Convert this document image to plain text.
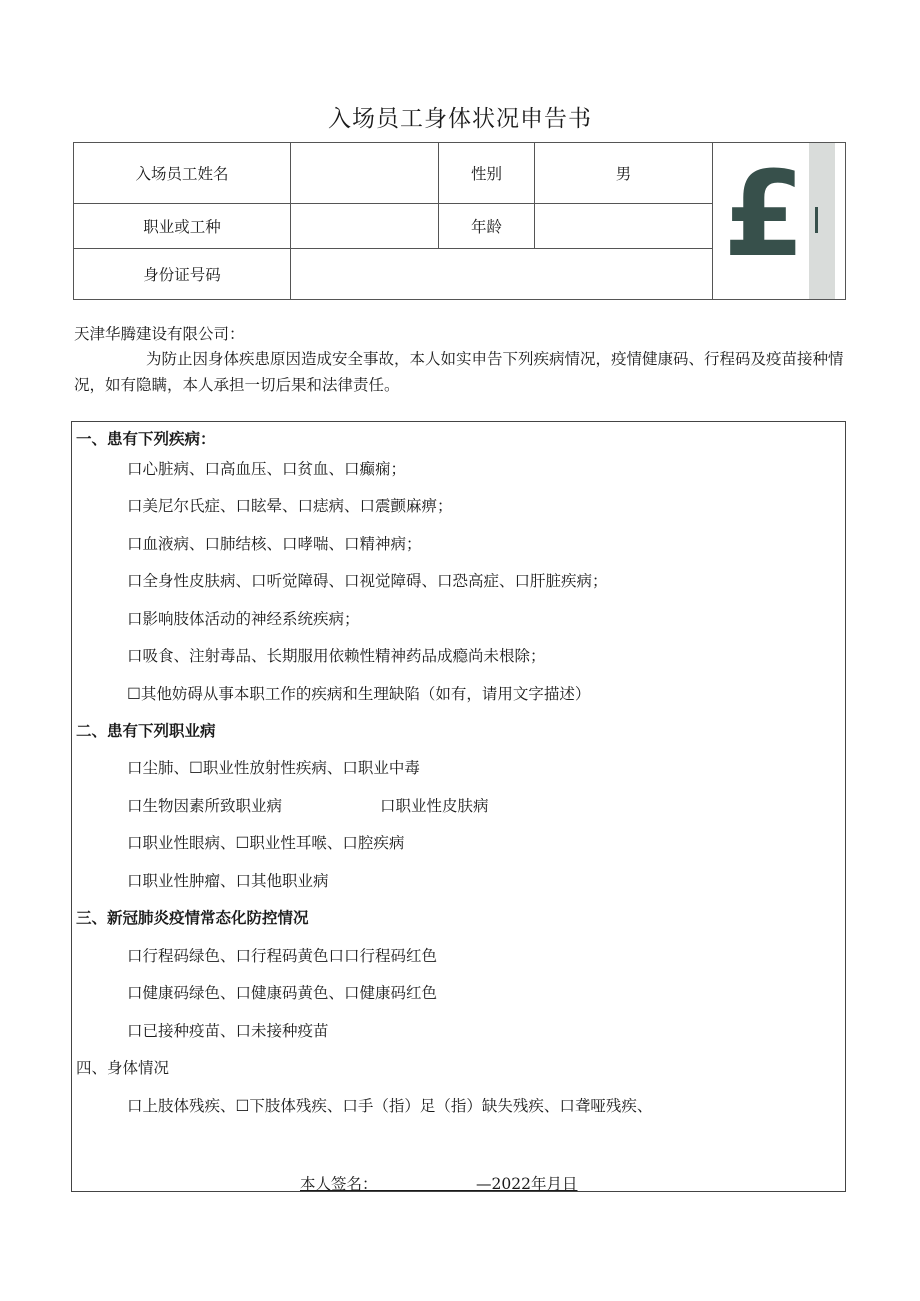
入场员工身体状况申告书
入场员工姓名		性别	男	£

职业或工种		年龄		
身份证号码				
天津华腾建设有限公司：
为防止因身体疾患原因造成安全事故，本人如实申告下列疾病情况，疫情健康码、行程码及疫苗接种情况，如有隐瞒，本人承担一切后果和法律责任。
一、患有下列疾病：
口心脏病、口高血压、口贫血、口癫痫；
口美尼尔氏症、口眩晕、口痣病、口震颤麻痹；
口血液病、口肺结核、口哮喘、口精神病；
口全身性皮肤病、口听觉障碍、口视觉障碍、口恐高症、口肝脏疾病；
口影响肢体活动的神经系统疾病；
口吸食、注射毒品、长期服用依赖性精神药品成瘾尚未根除；
☐其他妨碍从事本职工作的疾病和生理缺陷（如有，请用文字描述）
二、患有下列职业病
口尘肺、☐职业性放射性疾病、口职业中毒
口生物因素所致职业病	口职业性皮肤病
口职业性眼病、☐职业性耳喉、口腔疾病
口职业性肿瘤、口其他职业病
三、新冠肺炎疫情常态化防控情况
口行程码绿色、口行程码黄色口口行程码红色
口健康码绿色、口健康码黄色、口健康码红色
口已接种疫苗、口未接种疫苗
四、身体情况
口上肢体残疾、☐下肢体残疾、口手（指）足（指）缺失残疾、口聋哑残疾、
本人签名：                    —2022年月日
